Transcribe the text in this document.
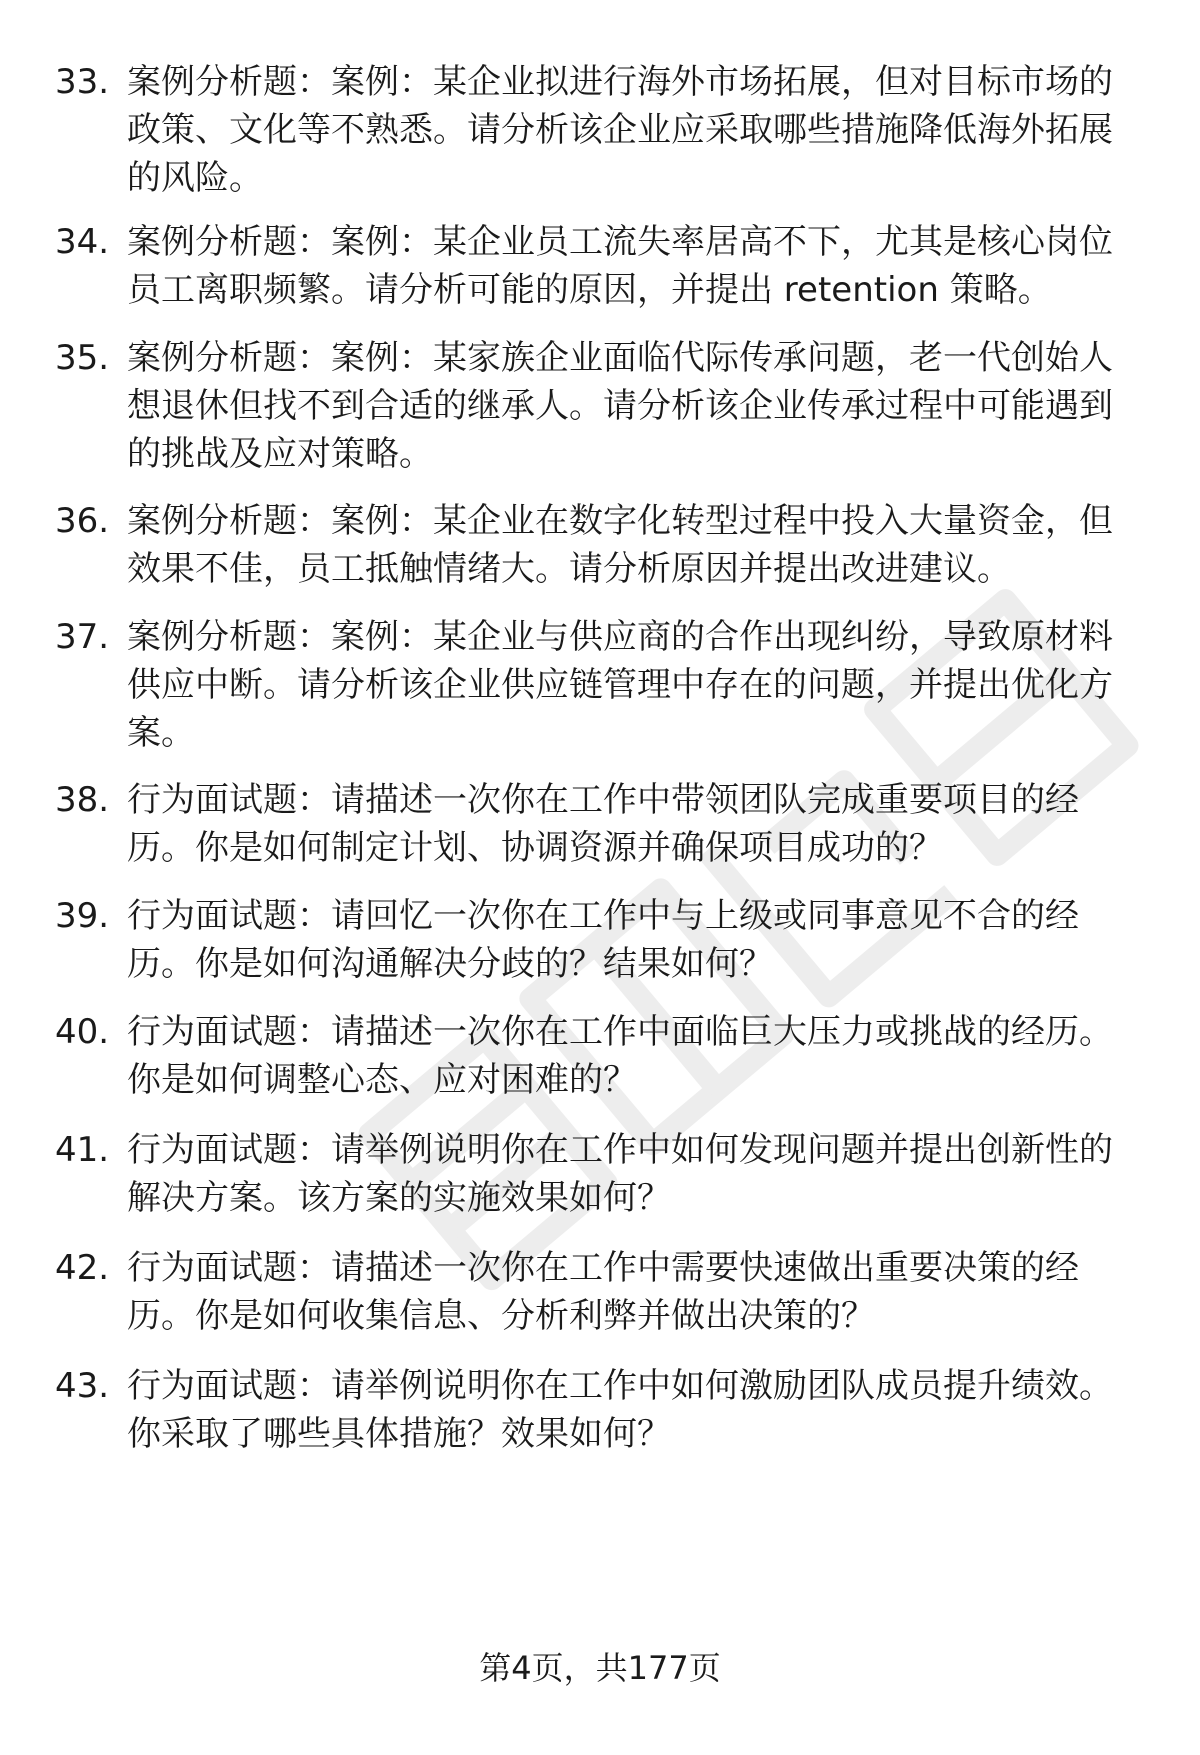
33. 案例分析题：案例：某企业拟进行海外市场拓展，但对目标市场的政策、文化等不熟悉。请分析该企业应采取哪些措施降低海外拓展的风险。
34. 案例分析题：案例：某企业员工流失率居高不下，尤其是核心岗位员工离职频繁。请分析可能的原因，并提出 retention 策略。
35. 案例分析题：案例：某家族企业面临代际传承问题，老一代创始人想退休但找不到合适的继承人。请分析该企业传承过程中可能遇到的挑战及应对策略。
36. 案例分析题：案例：某企业在数字化转型过程中投入大量资金，但效果不佳，员工抵触情绪大。请分析原因并提出改进建议。
37. 案例分析题：案例：某企业与供应商的合作出现纠纷，导致原材料供应中断。请分析该企业供应链管理中存在的问题，并提出优化方案。
38. 行为面试题：请描述一次你在工作中带领团队完成重要项目的经历。你是如何制定计划、协调资源并确保项目成功的？
39. 行为面试题：请回忆一次你在工作中与上级或同事意见不合的经历。你是如何沟通解决分歧的？结果如何？
40. 行为面试题：请描述一次你在工作中面临巨大压力或挑战的经历。你是如何调整心态、应对困难的？
41. 行为面试题：请举例说明你在工作中如何发现问题并提出创新性的解决方案。该方案的实施效果如何？
42. 行为面试题：请描述一次你在工作中需要快速做出重要决策的经历。你是如何收集信息、分析利弊并做出决策的？
43. 行为面试题：请举例说明你在工作中如何激励团队成员提升绩效。你采取了哪些具体措施？效果如何？
第4页，共177页
